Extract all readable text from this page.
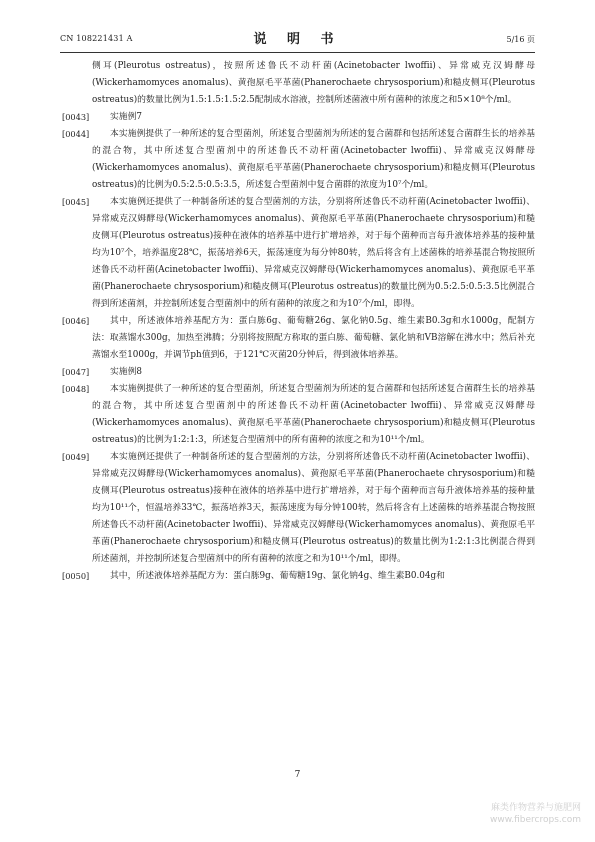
CN 108221431 A	说 明 书	5/16 页

侧耳(Pleurotus ostreatus)，按照所述鲁氏不动杆菌(Acinetobacter lwoffii)、异常威克汉姆酵母(Wickerhamomyces anomalus)、黄孢原毛平革菌(Phanerochaete chrysosporium)和糙皮侧耳(Pleurotus ostreatus)的数量比例为1.5:1.5:1.5:2.5配制成水溶液，控制所述菌液中所有菌种的浓度之和5×10⁸个/ml。

[0043]	实施例7

[0044]	本实施例提供了一种所述的复合型菌剂，所述复合型菌剂为所述的复合菌群和包括所述复合菌群生长的培养基的混合物，其中所述复合型菌剂中的所述鲁氏不动杆菌(Acinetobacter lwoffii)、异常威克汉姆酵母(Wickerhamomyces anomalus)、黄孢原毛平革菌(Phanerochaete chrysosporium)和糙皮侧耳(Pleurotus ostreatus)的比例为0.5:2.5:0.5:3.5，所述复合型菌剂中复合菌群的浓度为10⁷个/ml。

[0045]	本实施例还提供了一种制备所述的复合型菌剂的方法，分别将所述鲁氏不动杆菌(Acinetobacter lwoffii)、异常威克汉姆酵母(Wickerhamomyces anomalus)、黄孢原毛平革菌(Phanerochaete chrysosporium)和糙皮侧耳(Pleurotus ostreatus)接种在液体的培养基中进行扩增培养，对于每个菌种而言每升液体培养基的接种量均为10⁷个，培养温度28℃，振荡培养6天，振荡速度为每分钟80转，然后将含有上述菌株的培养基混合物按照所述鲁氏不动杆菌(Acinetobacter lwoffii)、异常威克汉姆酵母(Wickerhamomyces anomalus)、黄孢原毛平革菌(Phanerochaete chrysosporium)和糙皮侧耳(Pleurotus ostreatus)的数量比例为0.5:2.5:0.5:3.5比例混合得到所述菌剂，并控制所述复合型菌剂中的所有菌种的浓度之和为10⁷个/ml，即得。

[0046]	其中，所述液体培养基配方为：蛋白胨6g、葡萄糖26g、氯化钠0.5g、维生素B0.3g和水1000g，配制方法：取蒸馏水300g，加热至沸腾；分别将按照配方称取的蛋白胨、葡萄糖、氯化钠和VB溶解在沸水中；然后补充蒸馏水至1000g，并调节ph值到6，于121℃灭菌20分钟后，得到液体培养基。

[0047]	实施例8

[0048]	本实施例提供了一种所述的复合型菌剂，所述复合型菌剂为所述的复合菌群和包括所述复合菌群生长的培养基的混合物，其中所述复合型菌剂中的所述鲁氏不动杆菌(Acinetobacter lwoffii)、异常威克汉姆酵母(Wickerhamomyces anomalus)、黄孢原毛平革菌(Phanerochaete chrysosporium)和糙皮侧耳(Pleurotus ostreatus)的比例为1:2:1:3，所述复合型菌剂中的所有菌种的浓度之和为10¹¹个/ml。

[0049]	本实施例还提供了一种制备所述的复合型菌剂的方法，分别将所述鲁氏不动杆菌(Acinetobacter lwoffii)、异常威克汉姆酵母(Wickerhamomyces anomalus)、黄孢原毛平革菌(Phanerochaete chrysosporium)和糙皮侧耳(Pleurotus ostreatus)接种在液体的培养基中进行扩增培养，对于每个菌种而言每升液体培养基的接种量均为10¹¹个，恒温培养33℃，振荡培养3天，振荡速度为每分钟100转，然后将含有上述菌株的培养基混合物按照所述鲁氏不动杆菌(Acinetobacter lwoffii)、异常威克汉姆酵母(Wickerhamomyces anomalus)、黄孢原毛平革菌(Phanerochaete chrysosporium)和糙皮侧耳(Pleurotus ostreatus)的数量比例为1:2:1:3比例混合得到所述菌剂，并控制所述复合型菌剂中的所有菌种的浓度之和为10¹¹个/ml，即得。

[0050]	其中，所述液体培养基配方为：蛋白胨9g、葡萄糖19g、氯化钠4g、维生素B0.04g和

7
麻类作物营养与施肥网
www.fibercrops.com
